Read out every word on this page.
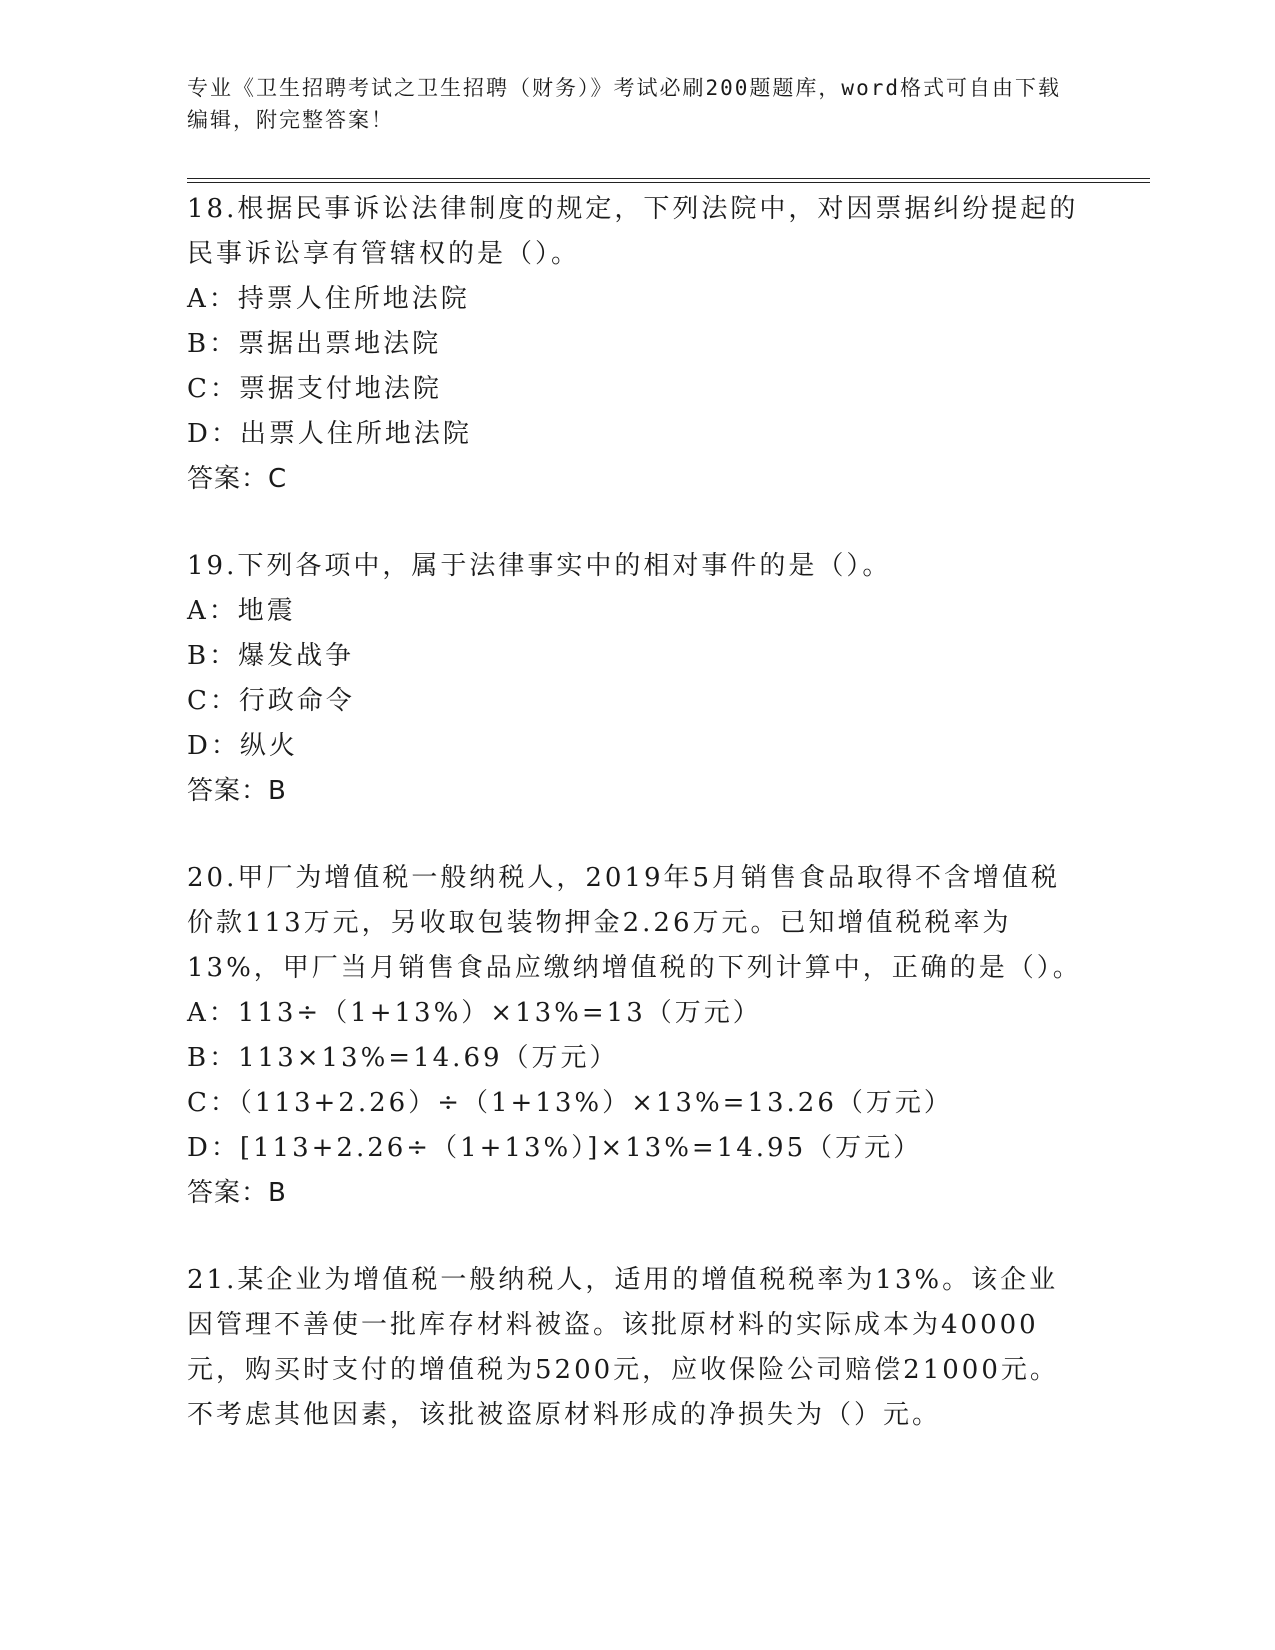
专业《卫生招聘考试之卫生招聘（财务）》考试必刷200题题库，word格式可自由下载编辑，附完整答案！

18.根据民事诉讼法律制度的规定，下列法院中，对因票据纠纷提起的民事诉讼享有管辖权的是（）。

A：持票人住所地法院

B：票据出票地法院

C：票据支付地法院

D：出票人住所地法院

答案：C

19.下列各项中，属于法律事实中的相对事件的是（）。

A：地震

B：爆发战争

C：行政命令

D：纵火

答案：B

20.甲厂为增值税一般纳税人，2019年5月销售食品取得不含增值税价款113万元，另收取包装物押金2.26万元。已知增值税税率为13%，甲厂当月销售食品应缴纳增值税的下列计算中，正确的是（）。

A：113÷（1+13%）×13%=13（万元）

B：113×13%=14.69（万元）

C：（113+2.26）÷（1+13%）×13%=13.26（万元）

D：[113+2.26÷（1+13%）]×13%=14.95（万元）

答案：B

21.某企业为增值税一般纳税人，适用的增值税税率为13%。该企业因管理不善使一批库存材料被盗。该批原材料的实际成本为40000元，购买时支付的增值税为5200元，应收保险公司赔偿21000元。不考虑其他因素，该批被盗原材料形成的净损失为（）元。
